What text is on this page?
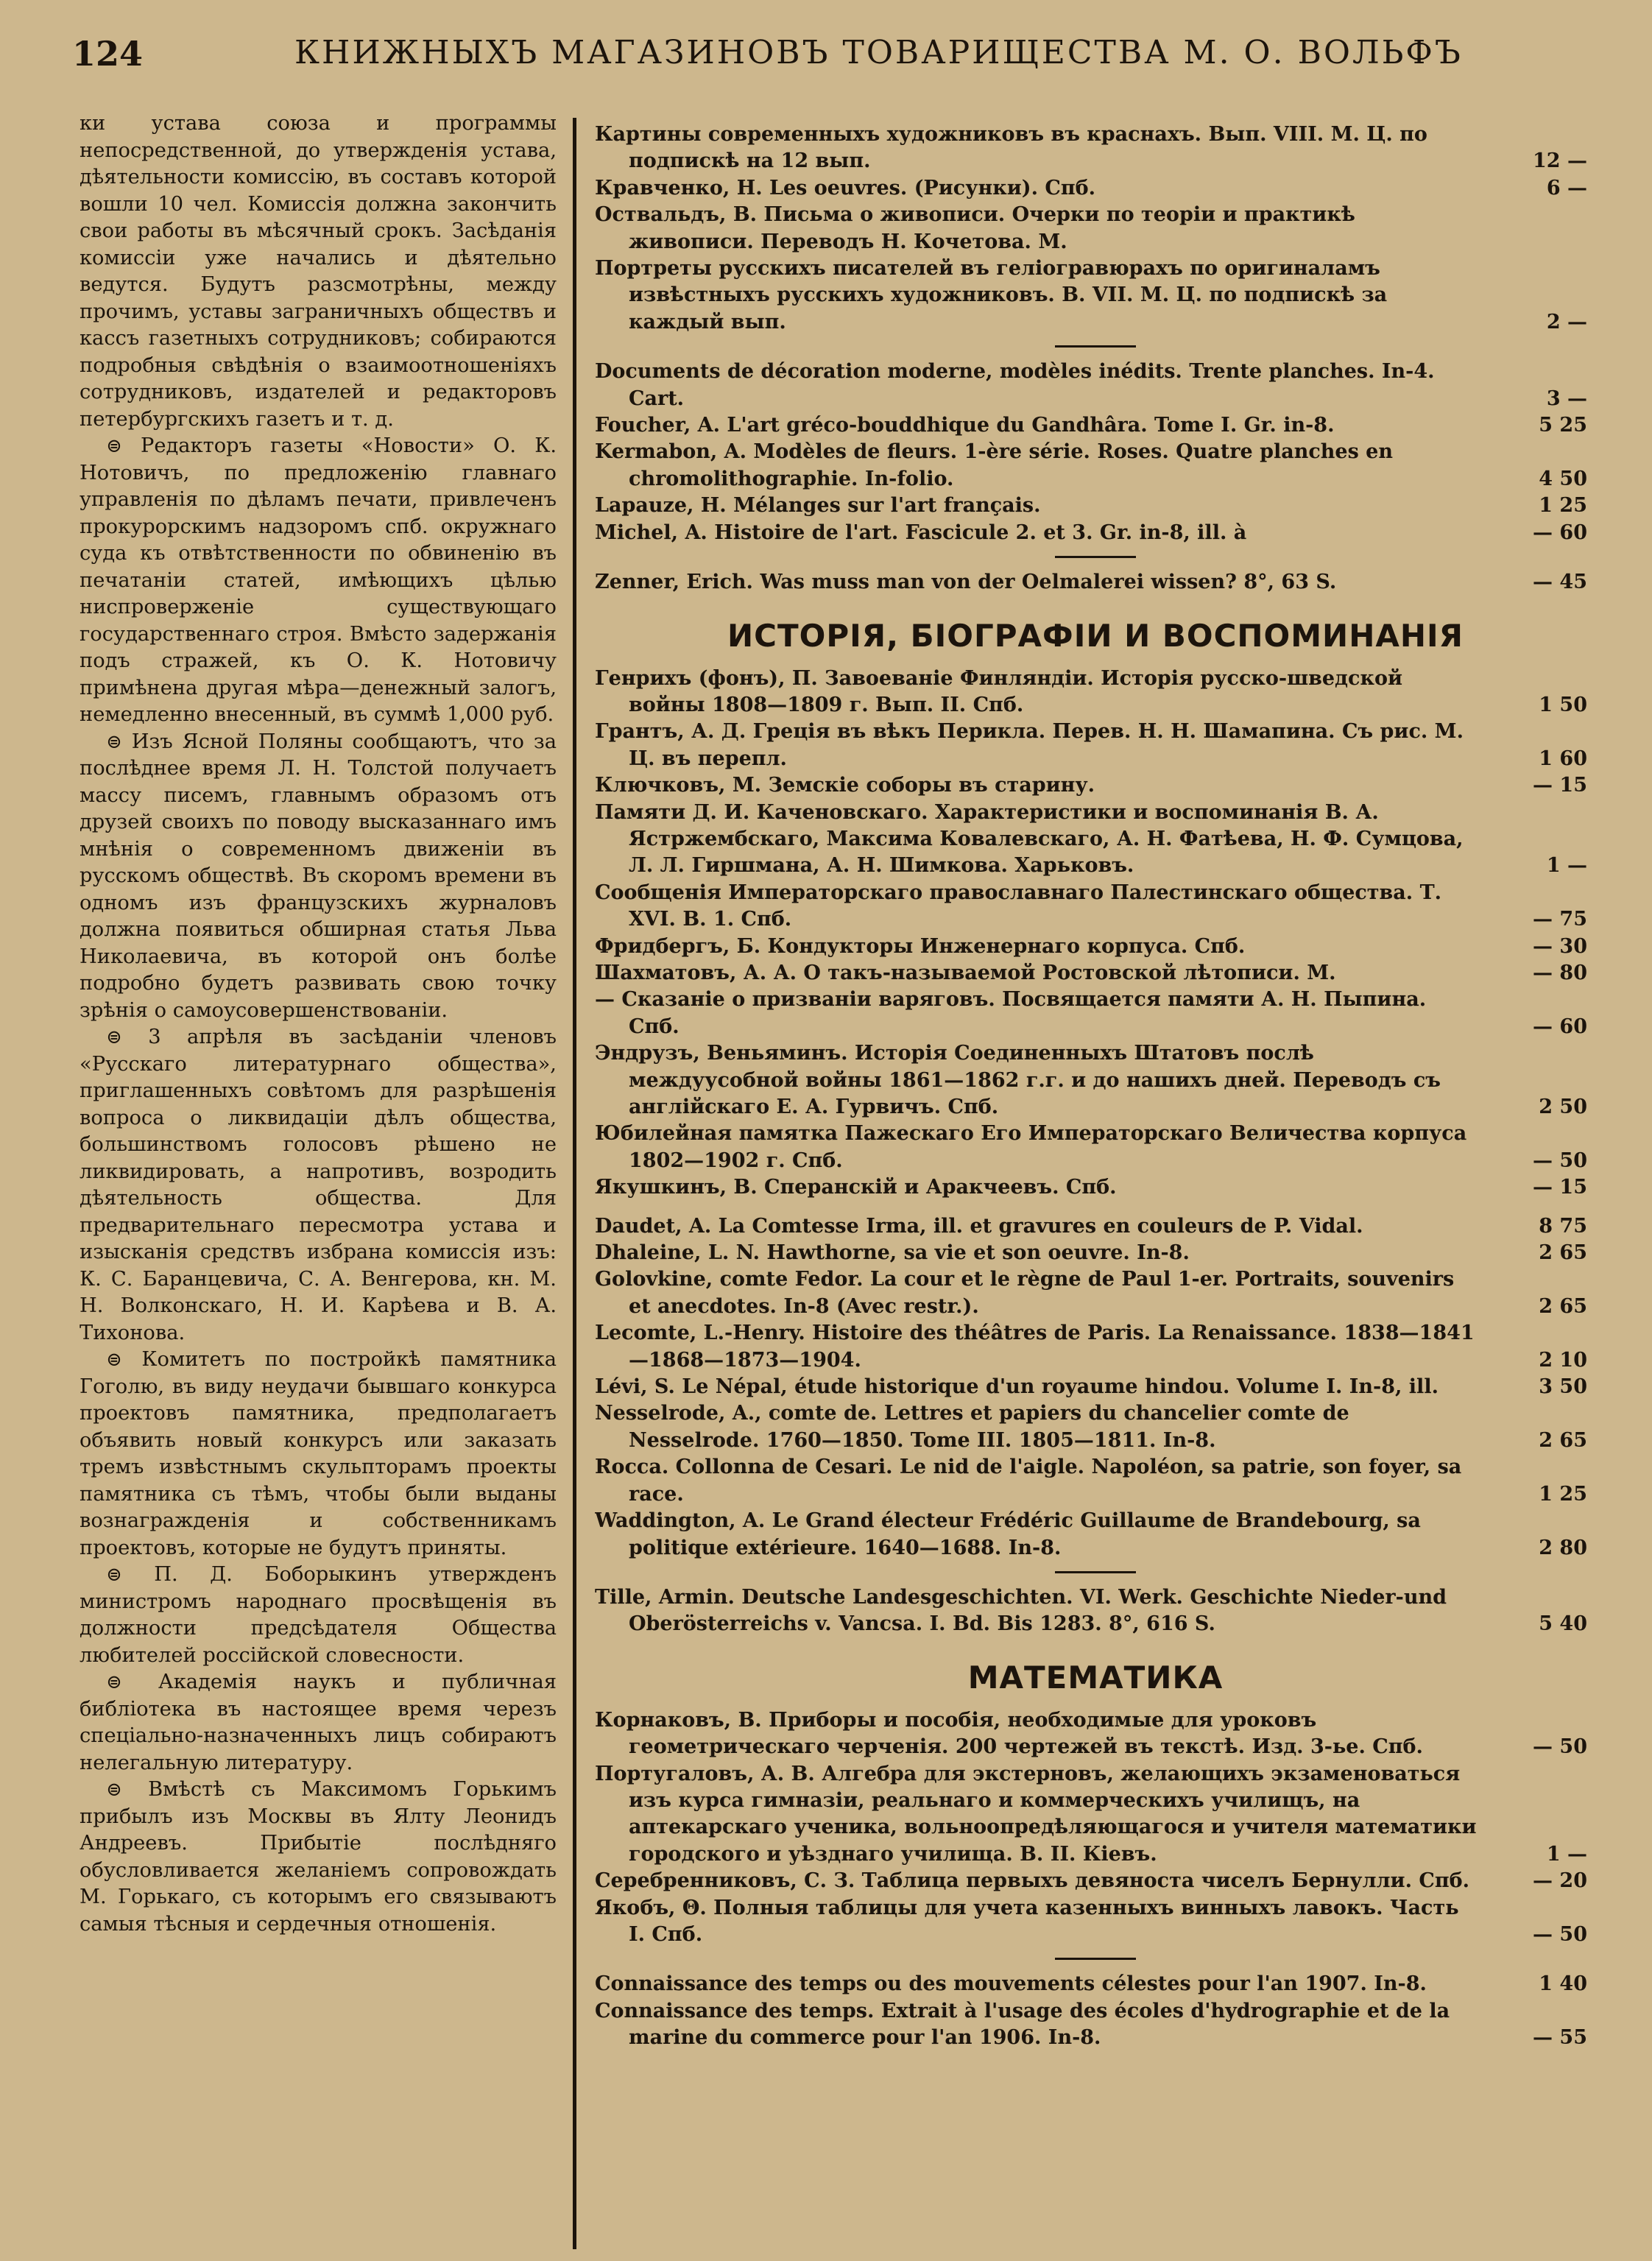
124	КНИЖНЫХЪ МАГАЗИНОВЪ ТОВАРИЩЕСТВА М. О. ВОЛЬФЪ

ки устава союза и программы непосредственной, до утвержденія устава, дѣятельности комиссію, въ составъ которой вошли 10 чел. Комиссія должна закончить свои работы въ мѣсячный срокъ. Засѣданія комиссіи уже начались и дѣятельно ведутся. Будутъ разсмотрѣны, между прочимъ, уставы заграничныхъ обществъ и кассъ газетныхъ сотрудниковъ; собираются подробныя свѣдѣнія о взаимоотношеніяхъ сотрудниковъ, издателей и редакторовъ петербургскихъ газетъ и т. д.

⊜ Редакторъ газеты «Новости» О. К. Нотовичъ, по предложенію главнаго управленія по дѣламъ печати, привлеченъ прокурорскимъ надзоромъ спб. окружнаго суда къ отвѣтственности по обвиненію въ печатаніи статей, имѣющихъ цѣлью ниспроверженіе существующаго государственнаго строя. Вмѣсто задержанія подъ стражей, къ О. К. Нотовичу примѣнена другая мѣра—денежный залогъ, немедленно внесенный, въ суммѣ 1,000 руб.

⊜ Изъ Ясной Поляны сообщаютъ, что за послѣднее время Л. Н. Толстой получаетъ массу писемъ, главнымъ образомъ отъ друзей своихъ по поводу высказаннаго имъ мнѣнія о современномъ движеніи въ русскомъ обществѣ. Въ скоромъ времени въ одномъ изъ французскихъ журналовъ должна появиться обширная статья Льва Николаевича, въ которой онъ болѣе подробно будетъ развивать свою точку зрѣнія о самоусовершенствованіи.

⊜ 3 апрѣля въ засѣданіи членовъ «Русскаго литературнаго общества», приглашенныхъ совѣтомъ для разрѣшенія вопроса о ликвидаціи дѣлъ общества, большинствомъ голосовъ рѣшено не ликвидировать, а напротивъ, возродить дѣятельность общества. Для предварительнаго пересмотра устава и изысканія средствъ избрана комиссія изъ: К. С. Баранцевича, С. А. Венгерова, кн. М. Н. Волконскаго, Н. И. Карѣева и В. А. Тихонова.

⊜ Комитетъ по постройкѣ памятника Гоголю, въ виду неудачи бывшаго конкурса проектовъ памятника, предполагаетъ объявить новый конкурсъ или заказать тремъ извѣстнымъ скульпторамъ проекты памятника съ тѣмъ, чтобы были выданы вознагражденія и собственникамъ проектовъ, которые не будутъ приняты.

⊜ П. Д. Боборыкинъ утвержденъ министромъ народнаго просвѣщенія въ должности предсѣдателя Общества любителей россійской словесности.

⊜ Академія наукъ и публичная библіотека въ настоящее время черезъ спеціально-назначенныхъ лицъ собираютъ нелегальную литературу.

⊜ Вмѣстѣ съ Максимомъ Горькимъ прибылъ изъ Москвы въ Ялту Леонидъ Андреевъ. Прибытіе послѣдняго обусловливается желаніемъ сопровождать М. Горькаго, съ которымъ его связываютъ самыя тѣсныя и сердечныя отношенія.

Картины современныхъ художниковъ въ краснахъ. Вып. VIII. М. Ц. по подпискѣ на 12 вып.	12 —
Кравченко, Н. Les oeuvres. (Рисунки). Спб.	6 —
Оствальдъ, В. Письма о живописи. Очерки по теоріи и практикѣ живописи. Переводъ Н. Кочетова. М.
Портреты русскихъ писателей въ геліогравюрахъ по оригиналамъ извѣстныхъ русскихъ художниковъ. В. VII. М. Ц. по подпискѣ за каждый вып.	2 —
Documents de décoration moderne, modèles inédits. Trente planches. In-4. Cart.	3 —
Foucher, A. L'art gréco-bouddhique du Gandhâra. Tome I. Gr. in-8.	5 25
Kermabon, A. Modèles de fleurs. 1-ère série. Roses. Quatre planches en chromolithographie. In-folio.	4 50
Lapauze, H. Mélanges sur l'art français.	1 25
Michel, A. Histoire de l'art. Fascicule 2. et 3. Gr. in-8, ill. à	— 60
Zenner, Erich. Was muss man von der Oelmalerei wissen? 8°, 63 S.	— 45
ИСТОРІЯ, БІОГРАФІИ И ВОСПОМИНАНІЯ
Генрихъ (фонъ), П. Завоеваніе Финляндіи. Исторія русско-шведской войны 1808—1809 г. Вып. II. Спб.	1 50
Грантъ, А. Д. Греція въ вѣкъ Перикла. Перев. Н. Н. Шамапина. Съ рис. М. Ц. въ перепл.	1 60
Ключковъ, М. Земскіе соборы въ старину.	— 15
Памяти Д. И. Каченовскаго. Характеристики и воспоминанія В. А. Ястржембскаго, Максима Ковалевскаго, А. Н. Фатѣева, Н. Ф. Сумцова, Л. Л. Гиршмана, А. Н. Шимкова. Харьковъ.	1 —
Сообщенія Императорскаго православнаго Палестинскаго общества. Т. XVI. В. 1. Спб.	— 75
Фридбергъ, Б. Кондукторы Инженернаго корпуса. Спб.	— 30
Шахматовъ, А. А. О такъ-называемой Ростовской лѣтописи. М.	— 80
— Сказаніе о призваніи варяговъ. Посвящается памяти А. Н. Пыпина. Спб.	— 60
Эндрузъ, Веньяминъ. Исторія Соединенныхъ Штатовъ послѣ междуусобной войны 1861—1862 г.г. и до нашихъ дней. Переводъ съ англійскаго Е. А. Гурвичъ. Спб.	2 50
Юбилейная памятка Пажескаго Его Императорскаго Величества корпуса 1802—1902 г. Спб.	— 50
Якушкинъ, В. Сперанскій и Аракчеевъ. Спб.	— 15
Daudet, A. La Comtesse Irma, ill. et gravures en couleurs de P. Vidal.	8 75
Dhaleine, L. N. Hawthorne, sa vie et son oeuvre. In-8.	2 65
Golovkine, comte Fedor. La cour et le règne de Paul 1-er. Portraits, souvenirs et anecdotes. In-8 (Avec restr.).	2 65
Lecomte, L.-Henry. Histoire des théâtres de Paris. La Renaissance. 1838—1841—1868—1873—1904.	2 10
Lévi, S. Le Népal, étude historique d'un royaume hindou. Volume I. In-8, ill.	3 50
Nesselrode, A., comte de. Lettres et papiers du chancelier comte de Nesselrode. 1760—1850. Tome III. 1805—1811. In-8.	2 65
Rocca. Collonna de Cesari. Le nid de l'aigle. Napoléon, sa patrie, son foyer, sa race.	1 25
Waddington, A. Le Grand électeur Frédéric Guillaume de Brandebourg, sa politique extérieure. 1640—1688. In-8.	2 80
Tille, Armin. Deutsche Landesgeschichten. VI. Werk. Geschichte Nieder-und Oberösterreichs v. Vancsa. I. Bd. Bis 1283. 8°, 616 S.	5 40
МАТЕМАТИКА
Корнаковъ, В. Приборы и пособія, необходимые для уроковъ геометрическаго черченія. 200 чертежей въ текстѣ. Изд. 3-ье. Спб.	— 50
Португаловъ, А. В. Алгебра для экстерновъ, желающихъ экзаменоваться изъ курса гимназіи, реальнаго и коммерческихъ училищъ, на аптекарскаго ученика, вольноопредѣляющагося и учителя математики городского и уѣзднаго училища. В. II. Кіевъ.	1 —
Серебренниковъ, С. З. Таблица первыхъ девяноста чиселъ Бернулли. Спб.	— 20
Якобъ, Θ. Полныя таблицы для учета казенныхъ винныхъ лавокъ. Часть I. Спб.	— 50
Connaissance des temps ou des mouvements célestes pour l'an 1907. In-8.	1 40
Connaissance des temps. Extrait à l'usage des écoles d'hydrographie et de la marine du commerce pour l'an 1906. In-8.	— 55
